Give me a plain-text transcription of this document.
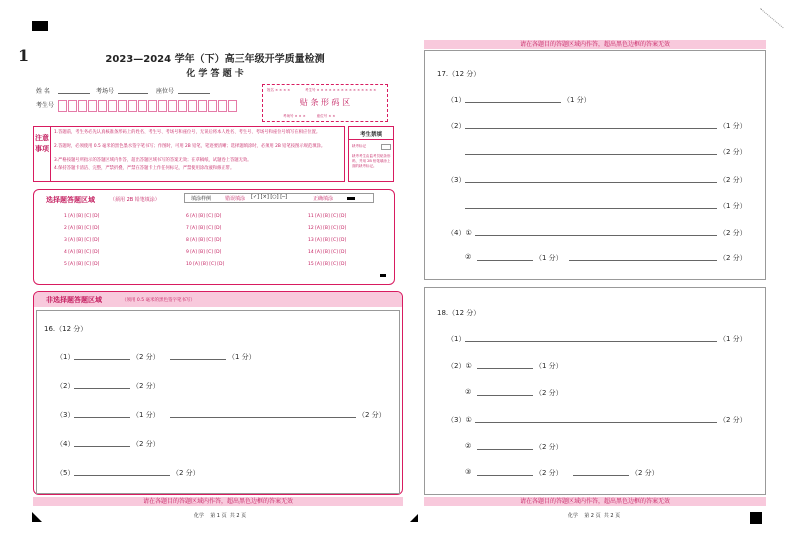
1	2023—2024 学年（下）高三年级开学质量检测
化 学 答 题 卡
姓 名	考场号	座位号
考生号
姓名 × × × ×	考生号 × × × × × × × × × × × × × × ×
贴 条 形 码 区
考场号 × × ×          座位号 × ×
注意事项
1.答题前，考生务必先认真核准条形码上的姓名、考生号、考场号和座位号，无误后将本人姓名、考生号、考场号和座位号填写在相应位置。
2.答题时，必须使用 0.5 毫米的黑色墨水签字笔书写；作图时，可用 2B 铅笔，笔迹要清晰；选择题填涂时，必须用 2B 铅笔按图示规范填涂。
3.严格按题号所指示的答题区域内作答，超出答题区域书写的答案无效；在草稿纸、试题卷上答题无效。
4.保持答题卡清洁、完整，严禁折叠，严禁在答题卡上作任何标记，严禁使用涂改液和修正带。
考生禁填
缺考标记
缺考考生由监考员贴条形码，并用 2B 铅笔填涂上面的缺考标记。
选择题答题区域	（须用 2B 铅笔填涂）	填涂样例	错误填涂 [✓] [×] [○] [─]	正确填涂
1 [A] [B] [C] [D]
2 [A] [B] [C] [D]
3 [A] [B] [C] [D]
4 [A] [B] [C] [D]
5 [A] [B] [C] [D]
6 [A] [B] [C] [D]
7 [A] [B] [C] [D]
8 [A] [B] [C] [D]
9 [A] [B] [C] [D]
10 [A] [B] [C] [D]
11 [A] [B] [C] [D]
12 [A] [B] [C] [D]
13 [A] [B] [C] [D]
14 [A] [B] [C] [D]
15 [A] [B] [C] [D]
非选择题答题区域	（须用 0.5 毫米的黑色签字笔书写）
16.（12 分）
（1）	（2 分）	（1 分）
（2）	（2 分）
（3）	（1 分）	（2 分）
（4）	（2 分）
（5）	（2 分）
请在各题目的答题区域内作答，超出黑色边框的答案无效
化学    第 1 页  共 2 页
请在各题目的答题区域内作答，超出黑色边框的答案无效
17.（12 分）
（1）	（1 分）
（2）	（1 分）
（2 分）
（3）	（2 分）
（1 分）
（4）①	（2 分）
②	（1 分）	（2 分）
18.（12 分）
（1）	（1 分）
（2）①	（1 分）
②	（2 分）
（3）①	（2 分）
②	（2 分）
③	（2 分）	（2 分）
请在各题目的答题区域内作答，超出黑色边框的答案无效
化学    第 2 页  共 2 页
